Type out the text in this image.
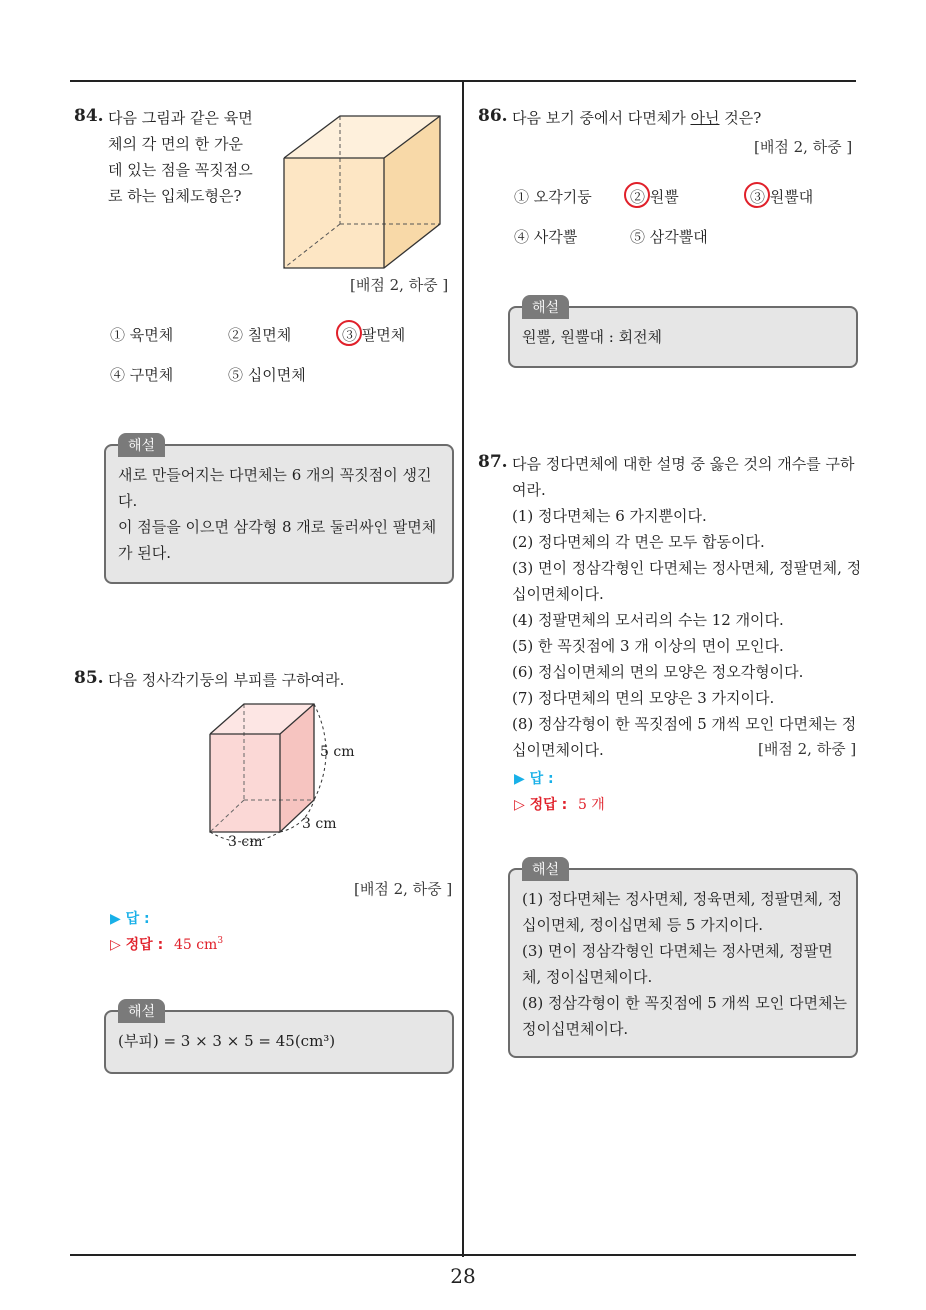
84. 다음 그림과 같은 육면
체의 각 면의 한 가운
데 있는 점을 꼭짓점으
로 하는 입체도형은?
[배점 2, 하중 ]
① 육면체	② 칠면체	③ 팔면체
④ 구면체	⑤ 십이면체
새로 만들어지는 다면체는 6 개의 꼭짓점이 생긴
다.
이 점들을 이으면 삼각형 8 개로 둘러싸인 팔면체
가 된다.
해설
85. 다음 정사각기둥의 부피를 구하여라.
5 cm
3 cm
3 cm
[배점 2, 하중 ]
▶ 답 :
▷ 정답 : 45 $cm^3$
(부피) = 3 × 3 × 5 = 45(cm³)
해설
86. 다음 보기 중에서 다면체가 아닌 것은?
[배점 2, 하중 ]
① 오각기둥	② 원뿔	③ 원뿔대
④ 사각뿔	⑤ 삼각뿔대
원뿔, 원뿔대 : 회전체
해설
87. 다음 정다면체에 대한 설명 중 옳은 것의 개수를 구하
여라.
(1) 정다면체는 6 가지뿐이다.
(2) 정다면체의 각 면은 모두 합동이다.
(3) 면이 정삼각형인 다면체는 정사면체, 정팔면체, 정
십이면체이다.
(4) 정팔면체의 모서리의 수는 12 개이다.
(5) 한 꼭짓점에 3 개 이상의 면이 모인다.
(6) 정십이면체의 면의 모양은 정오각형이다.
(7) 정다면체의 면의 모양은 3 가지이다.
(8) 정삼각형이 한 꼭짓점에 5 개씩 모인 다면체는 정
십이면체이다.	[배점 2, 하중 ]
▶ 답 :
▷ 정답 : 5 개
(1) 정다면체는 정사면체, 정육면체, 정팔면체, 정
십이면체, 정이십면체 등 5 가지이다.
(3) 면이 정삼각형인 다면체는 정사면체, 정팔면
체, 정이십면체이다.
(8) 정삼각형이 한 꼭짓점에 5 개씩 모인 다면체는
정이십면체이다.
해설
28
